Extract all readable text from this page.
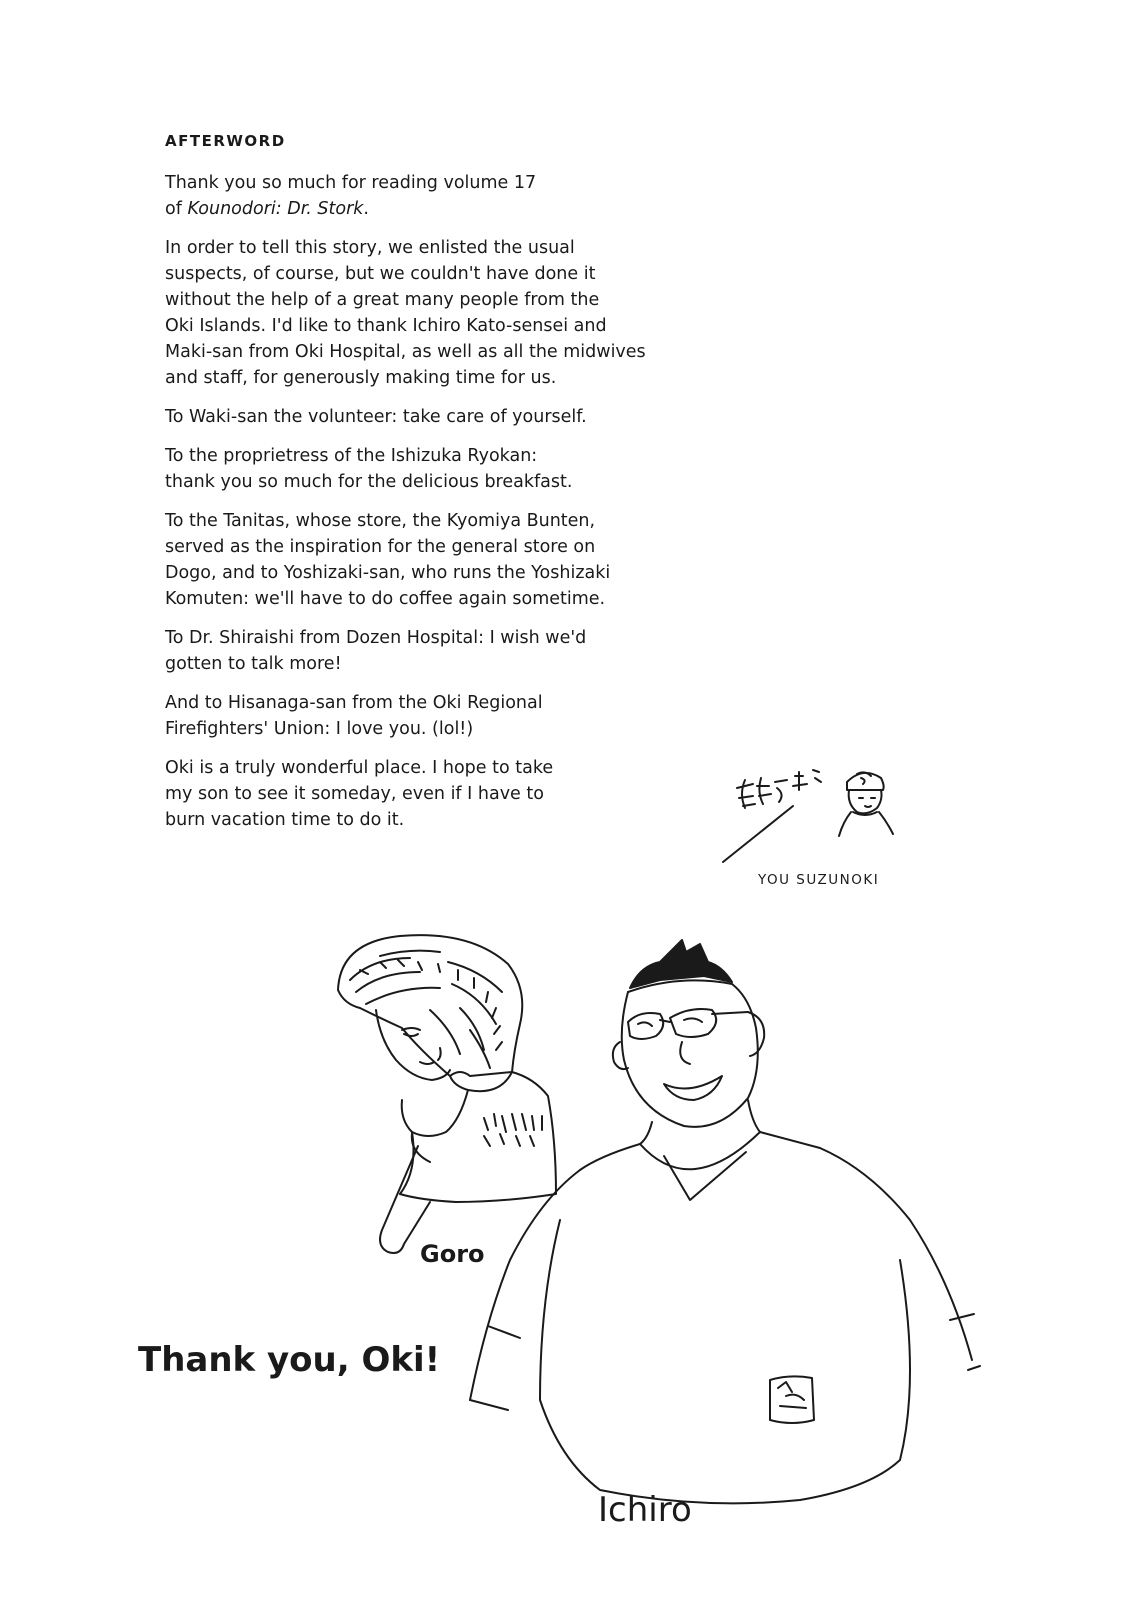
AFTERWORD

Thank you so much for reading volume 17
of Kounodori: Dr. Stork.

In order to tell this story, we enlisted the usual
suspects, of course, but we couldn't have done it
without the help of a great many people from the
Oki Islands. I'd like to thank Ichiro Kato-sensei and
Maki-san from Oki Hospital, as well as all the midwives
and staff, for generously making time for us.

To Waki-san the volunteer: take care of yourself.

To the proprietress of the Ishizuka Ryokan:
thank you so much for the delicious breakfast.

To the Tanitas, whose store, the Kyomiya Bunten,
served as the inspiration for the general store on
Dogo, and to Yoshizaki-san, who runs the Yoshizaki
Komuten: we'll have to do coffee again sometime.

To Dr. Shiraishi from Dozen Hospital: I wish we'd
gotten to talk more!

And to Hisanaga-san from the Oki Regional
Firefighters' Union: I love you. (lol!)

Oki is a truly wonderful place. I hope to take
my son to see it someday, even if I have to
burn vacation time to do it.

YOU SUZUNOKI
Goro
Thank you, Oki!
Ichiro
